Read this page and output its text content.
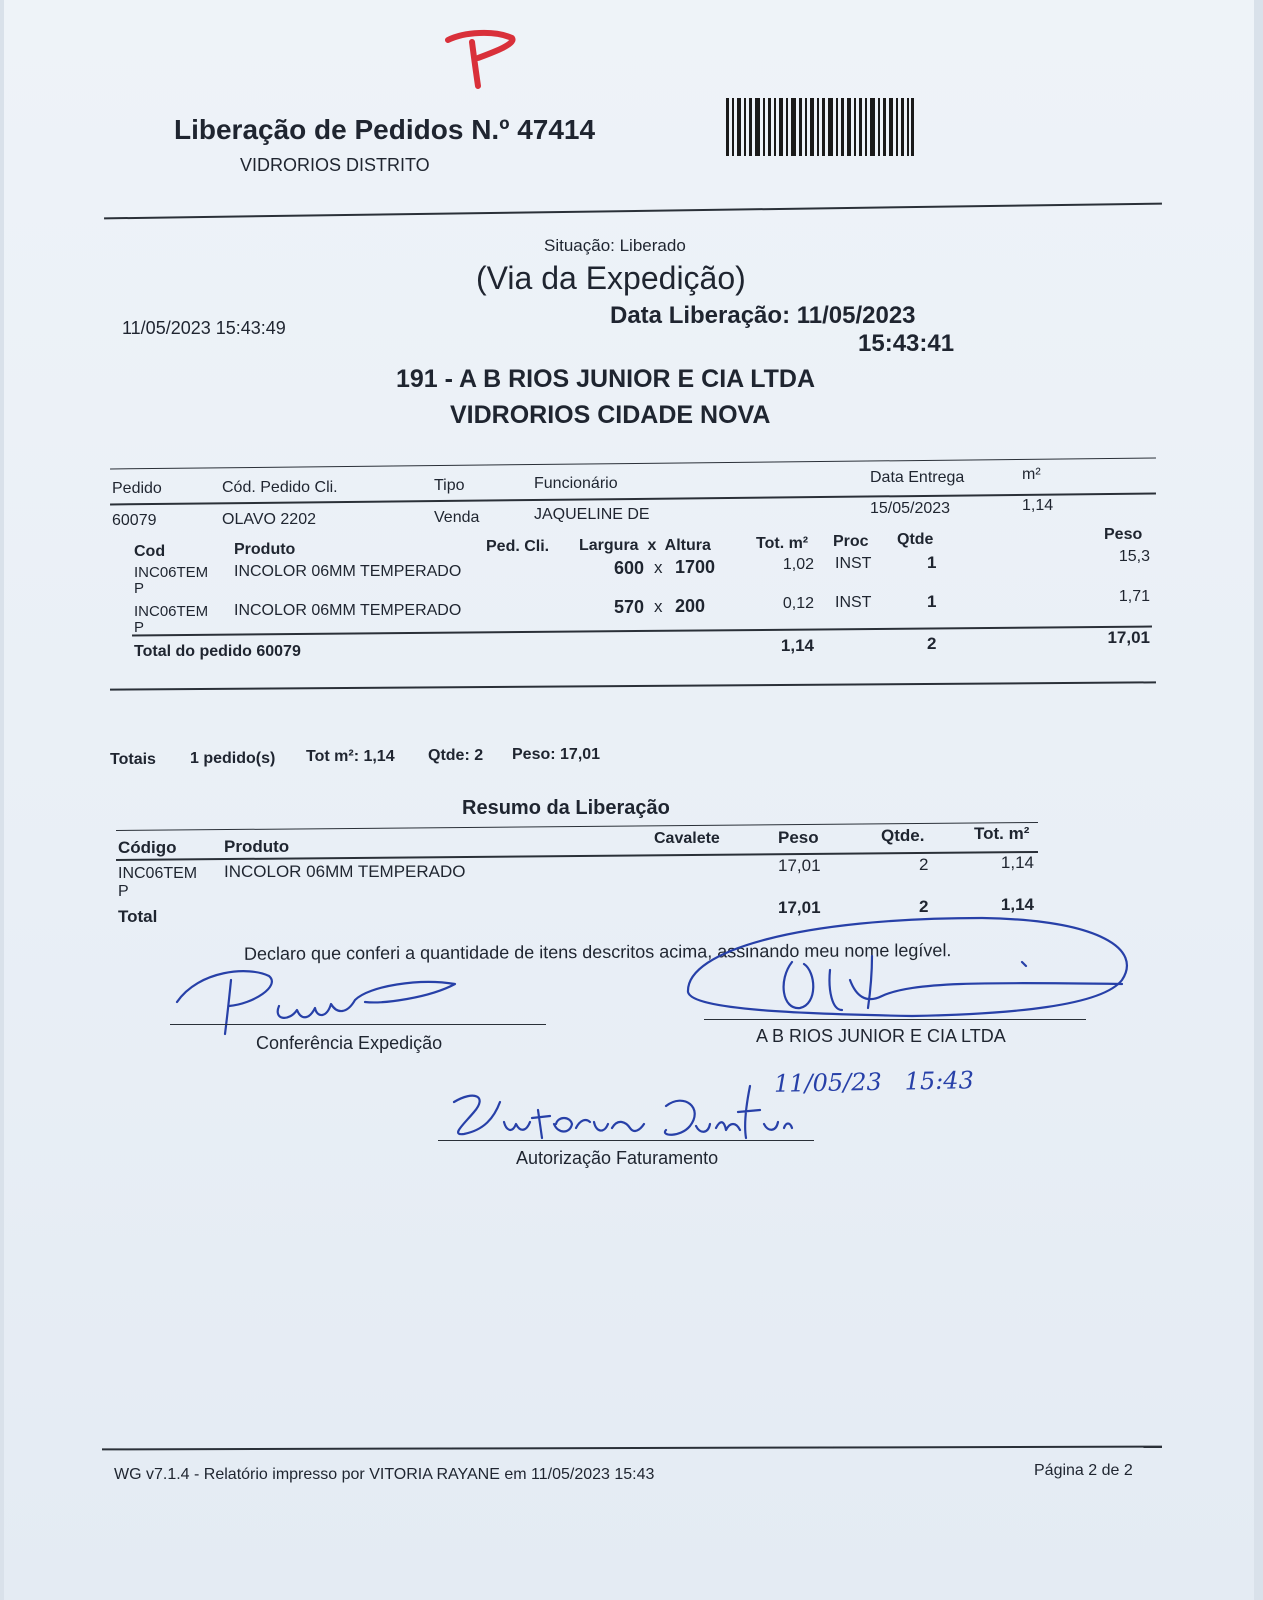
Liberação de Pedidos N.º 47414
VIDRORIOS DISTRITO
Situação: Liberado
(Via da Expedição)
11/05/2023 15:43:49	Data Liberação: 11/05/2023
15:43:41
191 - A B RIOS JUNIOR E CIA LTDA
VIDRORIOS CIDADE NOVA
Pedido	Cód. Pedido Cli.	Tipo	Funcionário	Data Entrega	m²
60079	OLAVO 2202	Venda	JAQUELINE DE	15/05/2023	1,14
Cod	Produto	Ped. Cli. Largura  x  Altura	Tot. m² Proc Qtde	Peso
INC06TEM
P
INCOLOR 06MM TEMPERADO	600 x 1700	1,02 INST	1	15,3
INC06TEM
P
INCOLOR 06MM TEMPERADO	570 x 200	0,12 INST	1	1,71
Total do pedido 60079	1,14	2	17,01
Totais 1 pedido(s) Tot m²: 1,14 Qtde: 2 Peso: 17,01
Resumo da Liberação
Código	Produto	Cavalete	Peso	Qtde.	Tot. m²
INC06TEM
P
INCOLOR 06MM TEMPERADO	17,01	2	1,14
Total	17,01	2	1,14
Declaro que conferi a quantidade de itens descritos acima, assinando meu nome legível.
Conferência Expedição	A B RIOS JUNIOR E CIA LTDA
11/05/23   15:43
Autorização Faturamento
WG v7.1.4 - Relatório impresso por VITORIA RAYANE em 11/05/2023 15:43	Página 2 de 2
